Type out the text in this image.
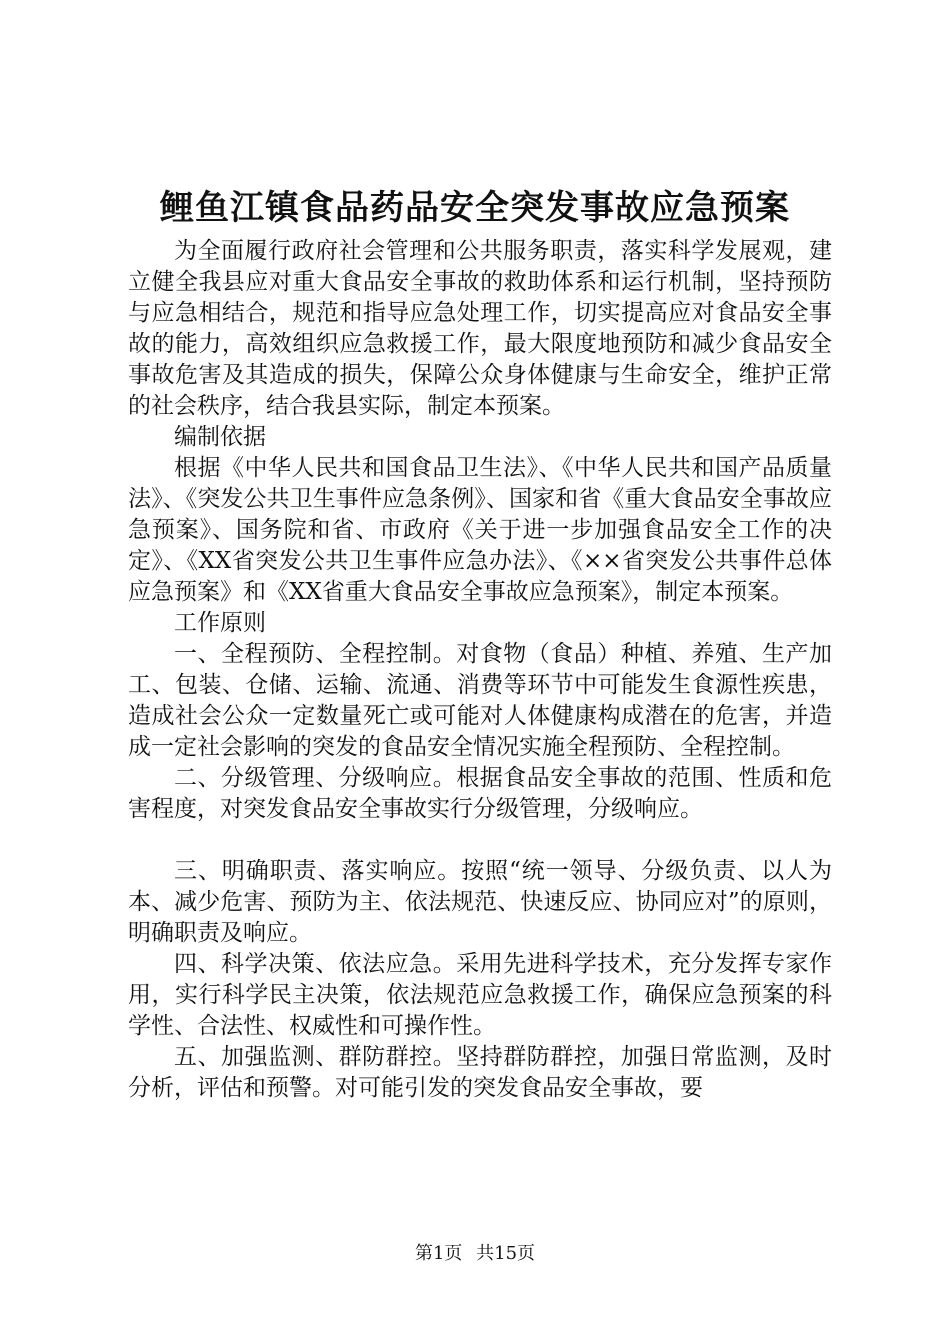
鲤鱼江镇食品药品安全突发事故应急预案

为全面履行政府社会管理和公共服务职责，落实科学发展观，建立健全我县应对重大食品安全事故的救助体系和运行机制，坚持预防与应急相结合，规范和指导应急处理工作，切实提高应对食品安全事故的能力，高效组织应急救援工作，最大限度地预防和减少食品安全事故危害及其造成的损失，保障公众身体健康与生命安全，维护正常的社会秩序，结合我县实际，制定本预案。

编制依据

根据《中华人民共和国食品卫生法》、《中华人民共和国产品质量法》、《突发公共卫生事件应急条例》、国家和省《重大食品安全事故应急预案》、国务院和省、市政府《关于进一步加强食品安全工作的决定》、《XX省突发公共卫生事件应急办法》、《××省突发公共事件总体应急预案》和《XX省重大食品安全事故应急预案》，制定本预案。

工作原则

一、全程预防、全程控制。对食物（食品）种植、养殖、生产加工、包装、仓储、运输、流通、消费等环节中可能发生食源性疾患，造成社会公众一定数量死亡或可能对人体健康构成潜在的危害，并造成一定社会影响的突发的食品安全情况实施全程预防、全程控制。

二、分级管理、分级响应。根据食品安全事故的范围、性质和危害程度，对突发食品安全事故实行分级管理，分级响应。

三、明确职责、落实响应。按照“统一领导、分级负责、以人为本、减少危害、预防为主、依法规范、快速反应、协同应对”的原则，明确职责及响应。

四、科学决策、依法应急。采用先进科学技术，充分发挥专家作用，实行科学民主决策，依法规范应急救援工作，确保应急预案的科学性、合法性、权威性和可操作性。

五、加强监测、群防群控。坚持群防群控，加强日常监测，及时分析，评估和预警。对可能引发的突发食品安全事故，要

第1页 共15页
